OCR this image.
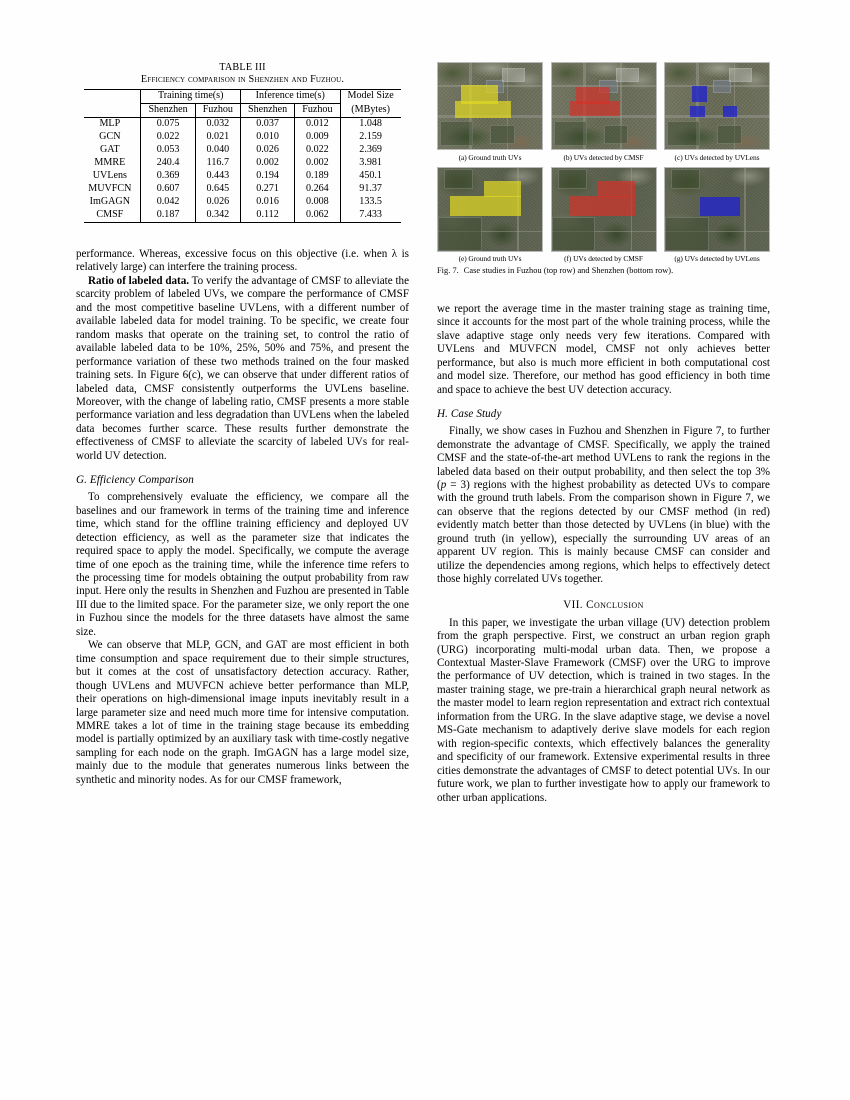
TABLE III
Efficiency comparison in Shenzhen and Fuzhou.
	Training time(s)		Inference time(s)		Model Size
	Shenzhen	Fuzhou	Shenzhen	Fuzhou	(MBytes)
MLP	0.075	0.032	0.037	0.012	1.048
GCN	0.022	0.021	0.010	0.009	2.159
GAT	0.053	0.040	0.026	0.022	2.369
MMRE	240.4	116.7	0.002	0.002	3.981
UVLens	0.369	0.443	0.194	0.189	450.1
MUVFCN	0.607	0.645	0.271	0.264	91.37
ImGAGN	0.042	0.026	0.016	0.008	133.5
CMSF	0.187	0.342	0.112	0.062	7.433
(a) Ground truth UVs	(b) UVs detected by CMSF	(c) UVs detected by UVLens
(e) Ground truth UVs	(f) UVs detected by CMSF	(g) UVs detected by UVLens
Fig. 7. Case studies in Fuzhou (top row) and Shenzhen (bottom row).

performance. Whereas, excessive focus on this objective (i.e. when λ is relatively large) can interfere the training process.

Ratio of labeled data. To verify the advantage of CMSF to alleviate the scarcity problem of labeled UVs, we compare the performance of CMSF and the most competitive baseline UVLens, with a different number of available labeled data for model training. To be specific, we create four random masks that operate on the training set, to control the ratio of available labeled data to be 10%, 25%, 50% and 75%, and present the performance variation of these two methods trained on the four masked training sets. In Figure 6(c), we can observe that under different ratios of labeled data, CMSF consistently outperforms the UVLens baseline. Moreover, with the change of labeling ratio, CMSF presents a more stable performance variation and less degradation than UVLens when the labeled data becomes further scarce. These results further demonstrate the effectiveness of CMSF to alleviate the scarcity of labeled UVs for real-world UV detection.

G. Efficiency Comparison

To comprehensively evaluate the efficiency, we compare all the baselines and our framework in terms of the training time and inference time, which stand for the offline training efficiency and deployed UV detection efficiency, as well as the parameter size that indicates the required space to apply the model. Specifically, we compute the average time of one epoch as the training time, while the inference time refers to the processing time for models obtaining the output probability from raw input. Here only the results in Shenzhen and Fuzhou are presented in Table III due to the limited space. For the parameter size, we only report the one in Fuzhou since the models for the three datasets have almost the same size.

We can observe that MLP, GCN, and GAT are most efficient in both time consumption and space requirement due to their simple structures, but it comes at the cost of unsatisfactory detection accuracy. Rather, though UVLens and MUVFCN achieve better performance than MLP, their operations on high-dimensional image inputs inevitably result in a large parameter size and need much more time for intensive computation. MMRE takes a lot of time in the training stage because its embedding model is partially optimized by an auxiliary task with time-costly negative sampling for each node on the graph. ImGAGN has a large model size, mainly due to the module that generates numerous links between the synthetic and minority nodes. As for our CMSF framework,

we report the average time in the master training stage as training time, since it accounts for the most part of the whole training process, while the slave adaptive stage only needs very few iterations. Compared with UVLens and MUVFCN model, CMSF not only achieves better performance, but also is much more efficient in both computational cost and model size. Therefore, our method has good efficiency in both time and space to achieve the best UV detection accuracy.

H. Case Study

Finally, we show cases in Fuzhou and Shenzhen in Figure 7, to further demonstrate the advantage of CMSF. Specifically, we apply the trained CMSF and the state-of-the-art method UVLens to rank the regions in the labeled data based on their output probability, and then select the top 3% (p = 3) regions with the highest probability as detected UVs to compare with the ground truth labels. From the comparison shown in Figure 7, we can observe that the regions detected by our CMSF method (in red) evidently match better than those detected by UVLens (in blue) with the ground truth (in yellow), especially the surrounding UV areas of an apparent UV region. This is mainly because CMSF can consider and utilize the dependencies among regions, which helps to effectively detect those highly correlated UVs together.

VII. Conclusion

In this paper, we investigate the urban village (UV) detection problem from the graph perspective. First, we construct an urban region graph (URG) incorporating multi-modal urban data. Then, we propose a Contextual Master-Slave Framework (CMSF) over the URG to improve the performance of UV detection, which is trained in two stages. In the master training stage, we pre-train a hierarchical graph neural network as the master model to learn region representation and extract rich contextual information from the URG. In the slave adaptive stage, we devise a novel MS-Gate mechanism to adaptively derive slave models for each region with region-specific contexts, which effectively balances the generality and specificity of our framework. Extensive experimental results in three cities demonstrate the advantages of CMSF to detect potential UVs. In our future work, we plan to further investigate how to apply our framework to other urban applications.
